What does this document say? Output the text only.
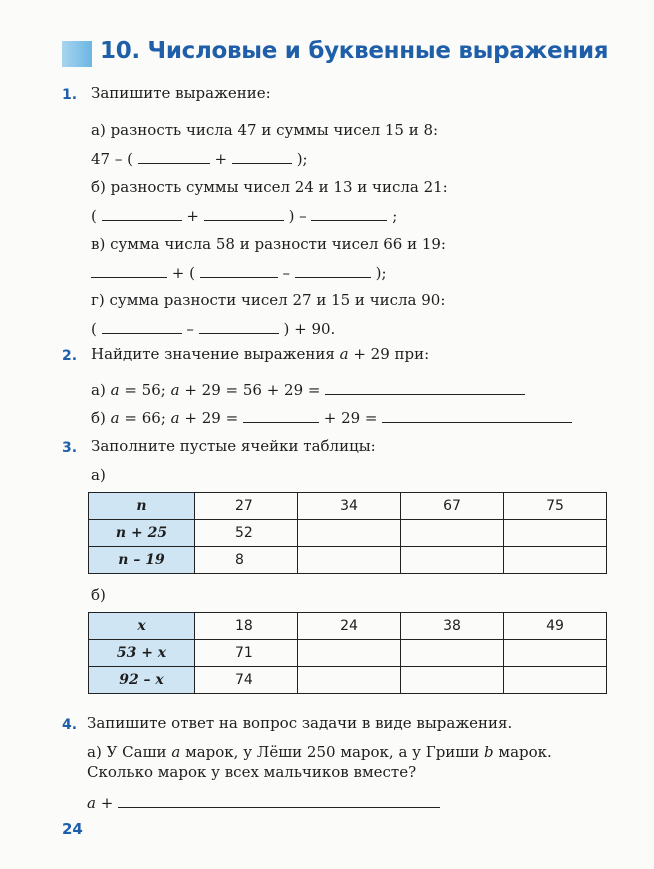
10. Числовые и буквенные выражения
1. Запишите выражение:
а) разность числа 47 и суммы чисел 15 и 8:
47 – (	+	);
б) разность суммы чисел 24 и 13 и числа 21:
(	+	) –	;
в) сумма числа 58 и разности чисел 66 и 19:
+ (	–	);
г) сумма разности чисел 27 и 15 и числа 90:
(	–	) + 90.
2. Найдите значение выражения a + 29 при:
а) a = 56; a + 29 = 56 + 29 =
б) a = 66; a + 29 =	+ 29 =
3. Заполните пустые ячейки таблицы:
а)
n	27	34	67	75
n + 25	52			
n – 19	8			
б)
x	18	24	38	49
53 + x	71			
92 – x	74			
4. Запишите ответ на вопрос задачи в виде выражения.
а) У Саши a марок, у Лёши 250 марок, а у Гриши b марок.
Сколько марок у всех мальчиков вместе?
a +
24
